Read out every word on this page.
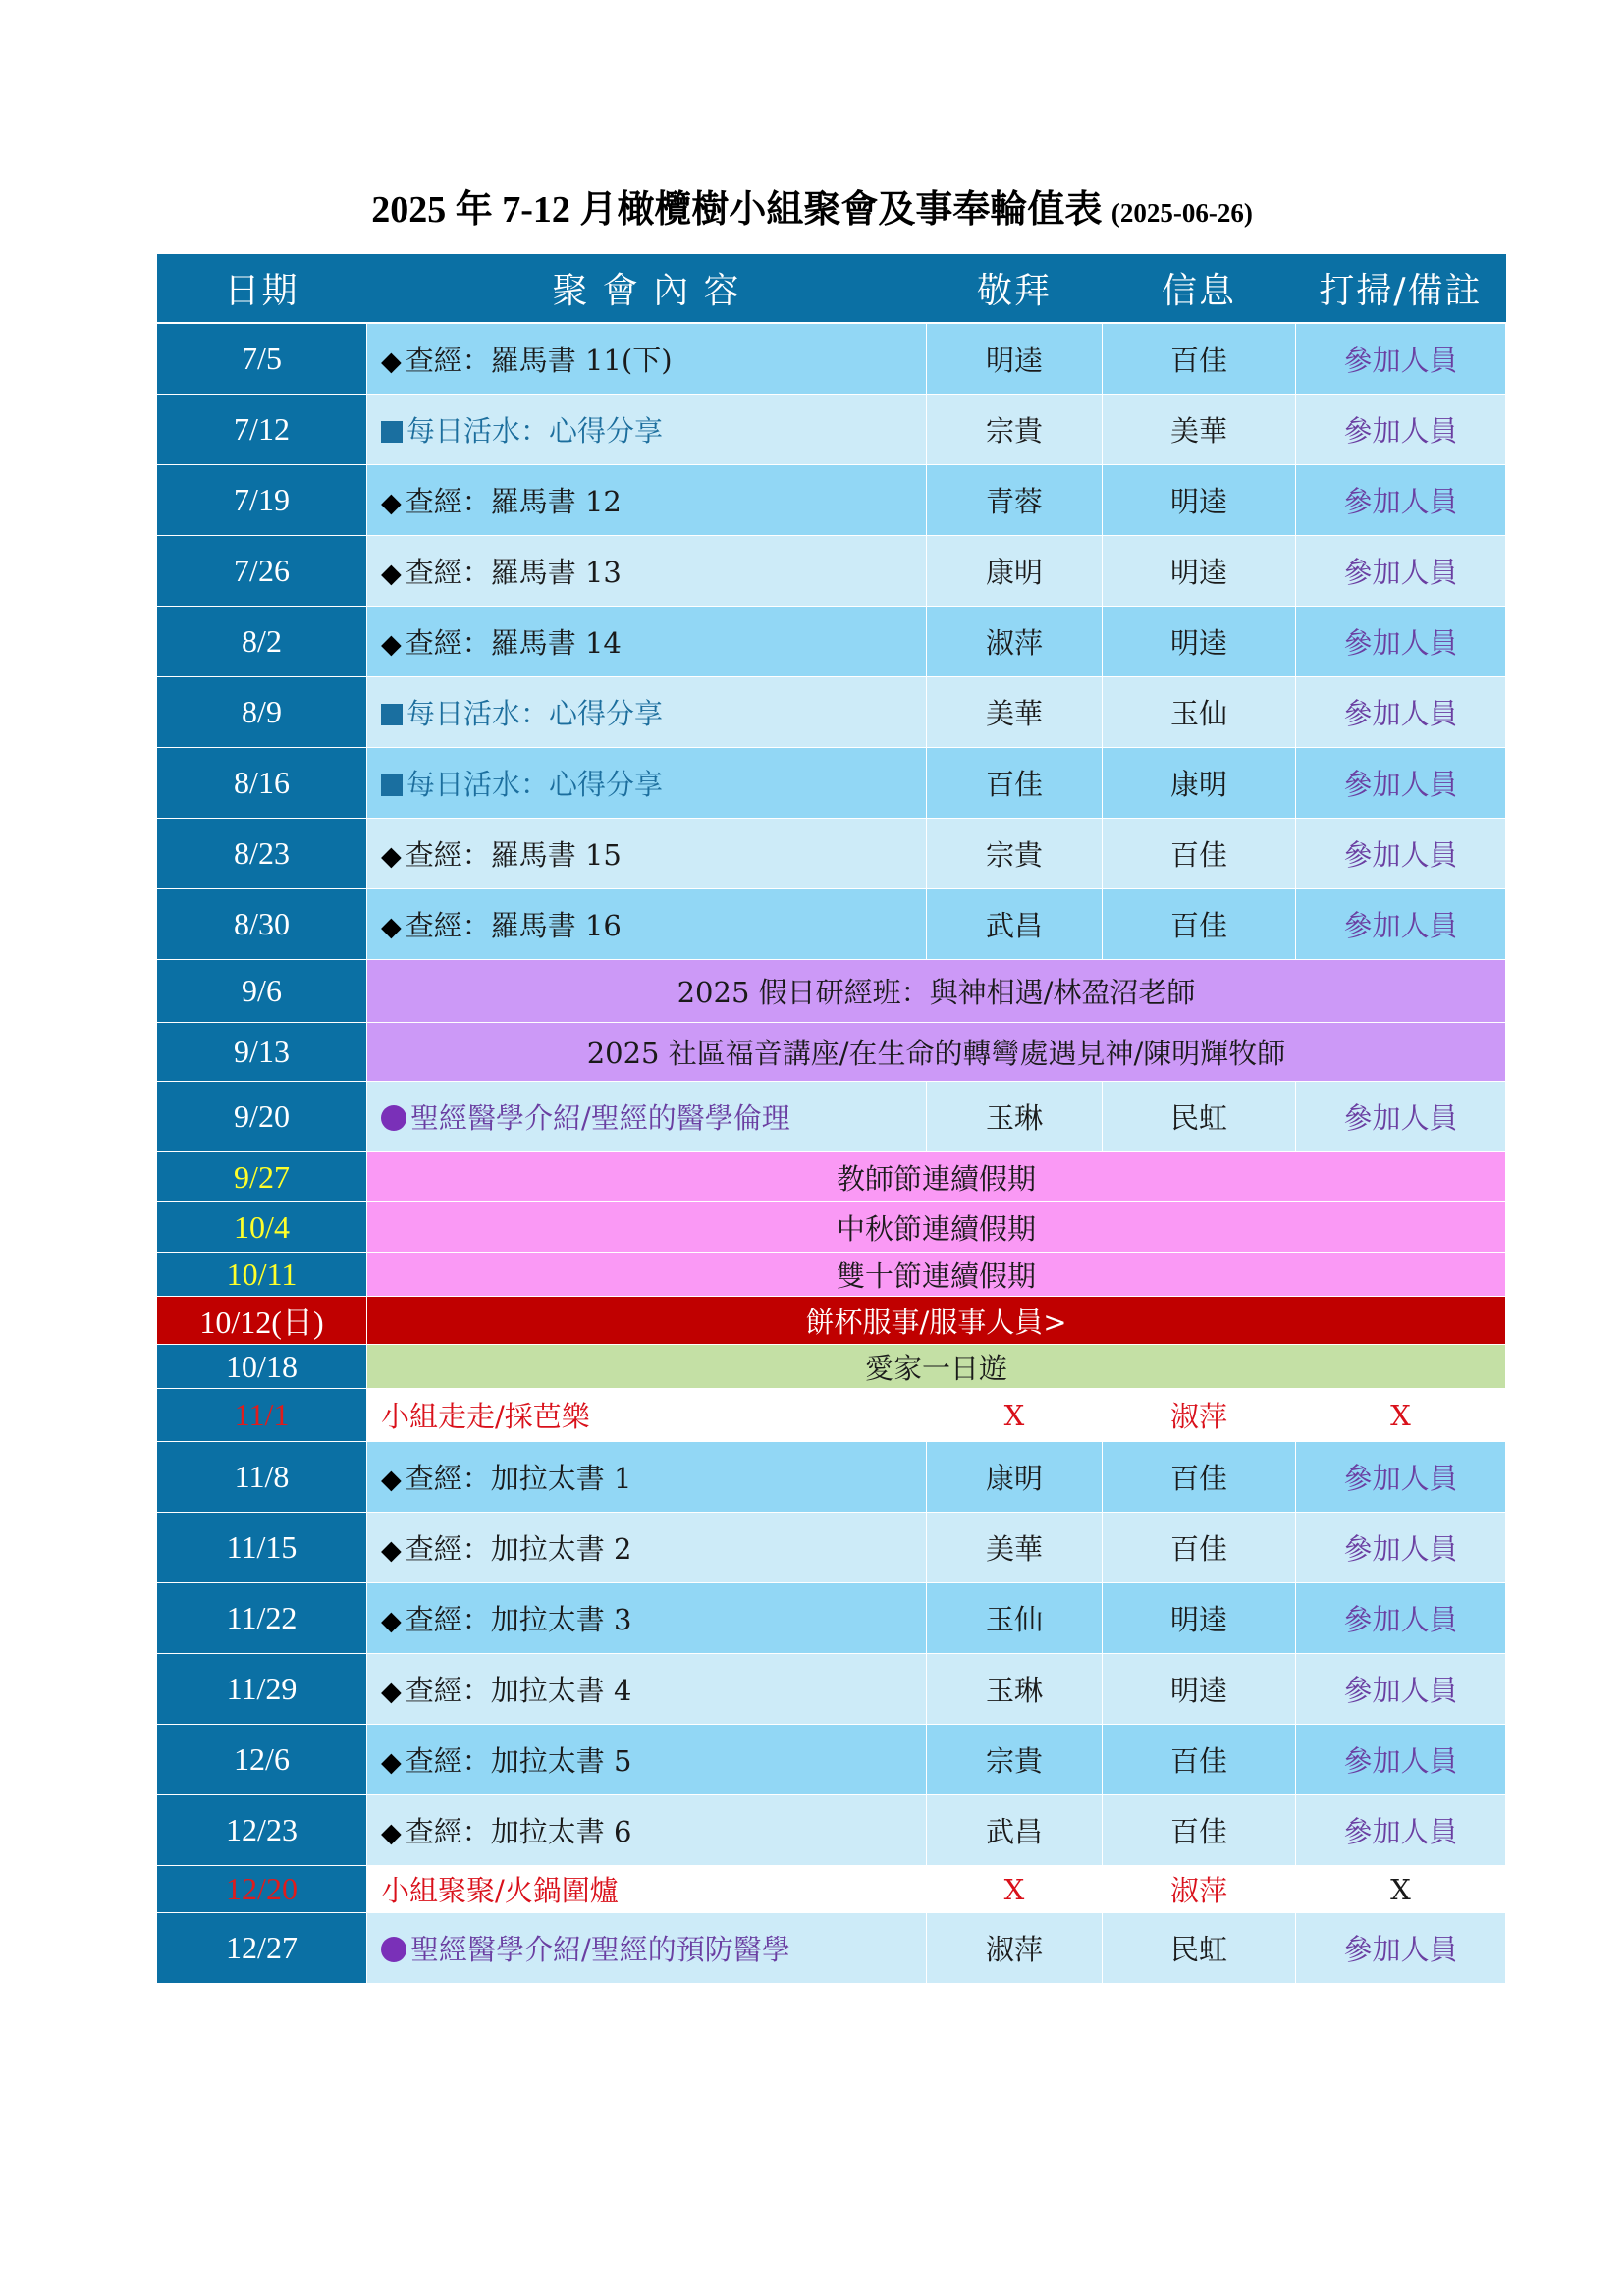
2025 年 7-12 月橄欖樹小組聚會及事奉輪值表 (2025-06-26)
日期	聚 會 內 容	敬拜	信息	打掃/備註
7/5	◆ 查經：羅馬書 11(下)	明逵	百佳	參加人員
7/12	每日活水：心得分享	宗貴	美華	參加人員
7/19	◆ 查經：羅馬書 12	青蓉	明逵	參加人員
7/26	◆ 查經：羅馬書 13	康明	明逵	參加人員
8/2	◆ 查經：羅馬書 14	淑萍	明逵	參加人員
8/9	每日活水：心得分享	美華	玉仙	參加人員
8/16	每日活水：心得分享	百佳	康明	參加人員
8/23	◆ 查經：羅馬書 15	宗貴	百佳	參加人員
8/30	◆ 查經：羅馬書 16	武昌	百佳	參加人員
9/6	2025 假日研經班：與神相遇/林盈沼老師			
9/13	2025 社區福音講座/在生命的轉彎處遇見神/陳明輝牧師			
9/20	聖經醫學介紹/聖經的醫學倫理	玉琳	民虹	參加人員
9/27	教師節連續假期			
10/4	中秋節連續假期			
10/11	雙十節連續假期			
10/12(日)	餅杯服事/服事人員>			
10/18	愛家一日遊			
11/1	小組走走/採芭樂	X	淑萍	X
11/8	◆ 查經：加拉太書 1	康明	百佳	參加人員
11/15	◆ 查經：加拉太書 2	美華	百佳	參加人員
11/22	◆ 查經：加拉太書 3	玉仙	明逵	參加人員
11/29	◆ 查經：加拉太書 4	玉琳	明逵	參加人員
12/6	◆ 查經：加拉太書 5	宗貴	百佳	參加人員
12/23	◆ 查經：加拉太書 6	武昌	百佳	參加人員
12/20	小組聚聚/火鍋圍爐	X	淑萍	X
12/27	聖經醫學介紹/聖經的預防醫學	淑萍	民虹	參加人員
